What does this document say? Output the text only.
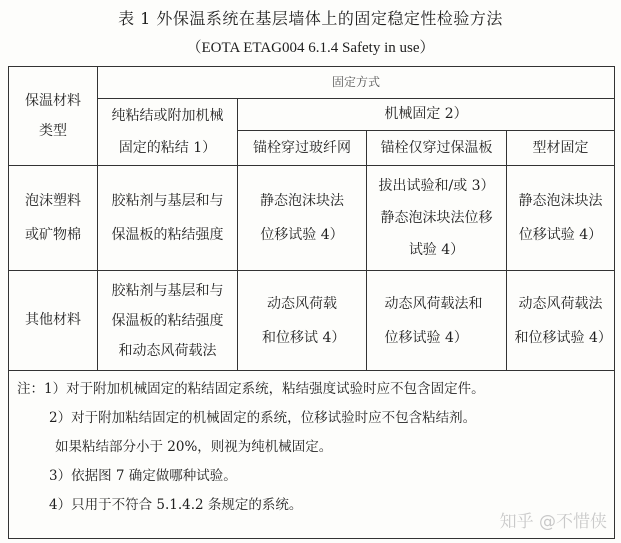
表 1 外保温系统在基层墙体上的固定稳定性检验方法
（EOTA ETAG004 6.1.4 Safety in use）
保温材料类型	固定方式			

	纯粘结或附加机械固定的粘结 1）	机械固定 2）		
		锚栓穿过玻纤网	锚栓仅穿过保温板	型材固定

泡沫塑料或矿物棉	胶粘剂与基层和与保温板的粘结强度	静态泡沫块法位移试验 4）	拔出试验和/或 3）静态泡沫块法位移试验 4）	静态泡沫块法位移试验 4）

其他材料	胶粘剂与基层和与保温板的粘结强度和动态风荷载法	动态风荷载和位移试 4）	动态风荷载法和位移试验 4）	动态风荷载法和位移试验 4）

注：1）对于附加机械固定的粘结固定系统，粘结强度试验时应不包含固定件。
2）对于附加粘结固定的机械固定的系统，位移试验时应不包含粘结剂。
如果粘结部分小于 20%，则视为纯机械固定。
3）依据图 7 确定做哪种试验。
4）只用于不符合 5.1.4.2 条规定的系统。				
知乎 @不惜侠
